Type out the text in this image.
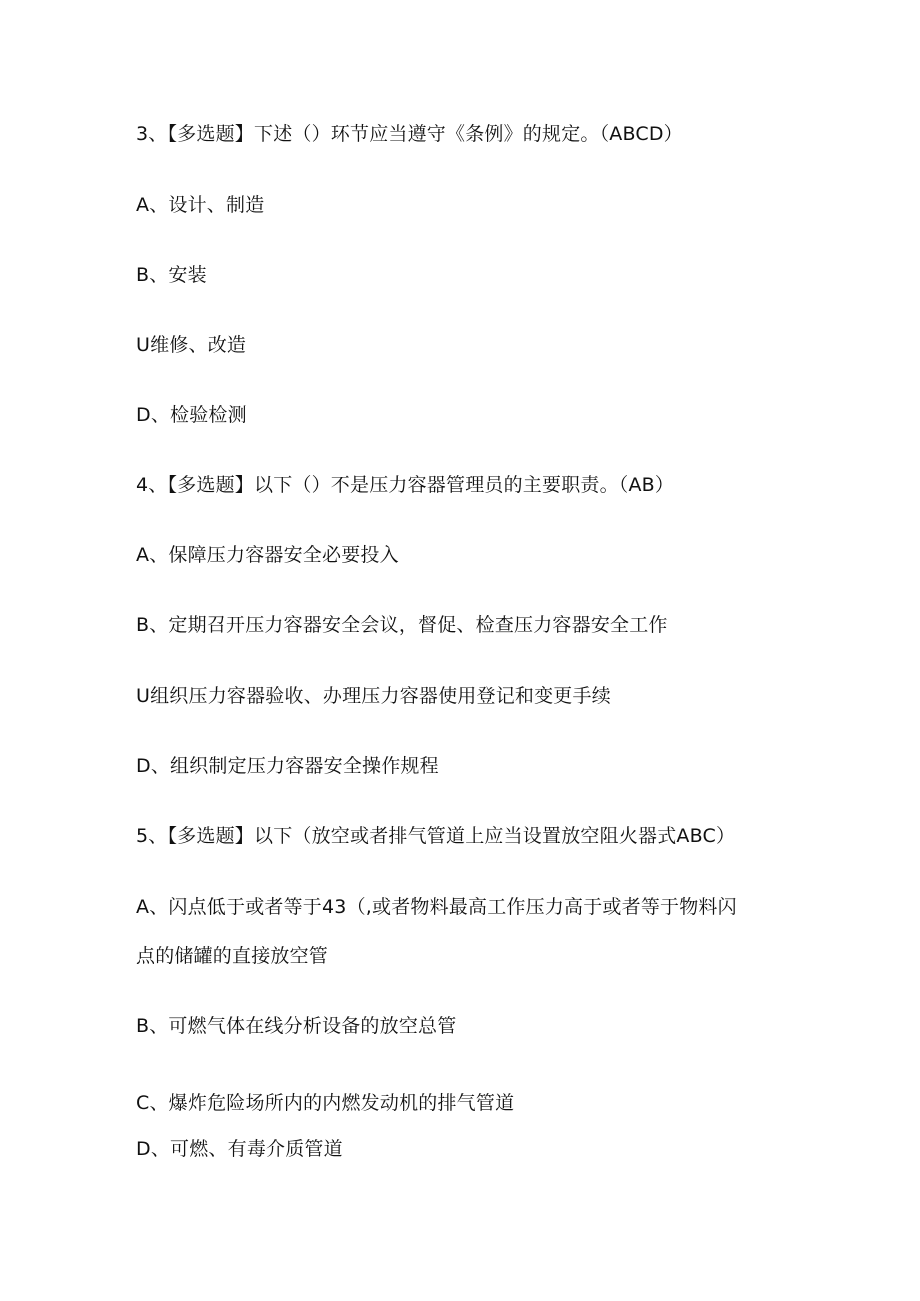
3、【多选题】下述（）环节应当遵守《条例》的规定。（ABCD）
A、设计、制造
B、安装
U维修、改造
D、检验检测
4、【多选题】以下（）不是压力容器管理员的主要职责。（AB）
A、保障压力容器安全必要投入
B、定期召开压力容器安全会议，督促、检查压力容器安全工作
U组织压力容器验收、办理压力容器使用登记和变更手续
D、组织制定压力容器安全操作规程
5、【多选题】以下（放空或者排气管道上应当设置放空阻火器式ABC）
A、闪点低于或者等于43（,或者物料最高工作压力高于或者等于物料闪
点的储罐的直接放空管
B、可燃气体在线分析设备的放空总管
C、爆炸危险场所内的内燃发动机的排气管道
D、可燃、有毒介质管道
